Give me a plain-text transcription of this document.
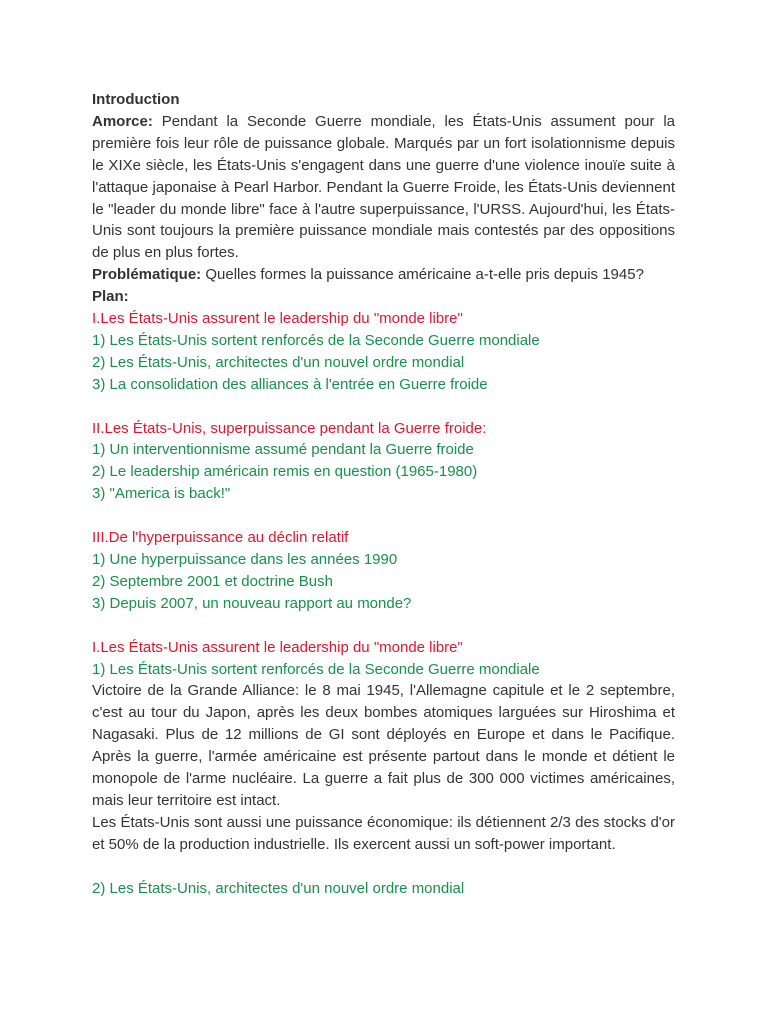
Introduction
Amorce: Pendant la Seconde Guerre mondiale, les États-Unis assument pour la première fois leur rôle de puissance globale. Marqués par un fort isolationnisme depuis le XIXe siècle, les États-Unis s'engagent dans une guerre d'une violence inouïe suite à l'attaque japonaise à Pearl Harbor. Pendant la Guerre Froide, les États-Unis deviennent le "leader du monde libre" face à l'autre superpuissance, l'URSS. Aujourd'hui, les États-Unis sont toujours la première puissance mondiale mais contestés par des oppositions de plus en plus fortes.
Problématique: Quelles formes la puissance américaine a-t-elle pris depuis 1945?
Plan:
I.Les États-Unis assurent le leadership du "monde libre"
1) Les États-Unis sortent renforcés de la Seconde Guerre mondiale
2) Les États-Unis, architectes d'un nouvel ordre mondial
3) La consolidation des alliances à l'entrée en Guerre froide
II.Les États-Unis, superpuissance pendant la Guerre froide:
1) Un interventionnisme assumé pendant la Guerre froide
2) Le leadership américain remis en question (1965-1980)
3) "America is back!"
III.De l'hyperpuissance au déclin relatif
1) Une hyperpuissance dans les années 1990
2) Septembre 2001 et doctrine Bush
3) Depuis 2007, un nouveau rapport au monde?
I.Les États-Unis assurent le leadership du "monde libre"
1) Les États-Unis sortent renforcés de la Seconde Guerre mondiale
Victoire de la Grande Alliance: le 8 mai 1945, l'Allemagne capitule et le 2 septembre, c'est au tour du Japon, après les deux bombes atomiques larguées sur Hiroshima et Nagasaki. Plus de 12 millions de GI sont déployés en Europe et dans le Pacifique. Après la guerre, l'armée américaine est présente partout dans le monde et détient le monopole de l'arme nucléaire. La guerre a fait plus de 300 000 victimes américaines, mais leur territoire est intact.
Les États-Unis sont aussi une puissance économique: ils détiennent 2/3 des stocks d'or et 50% de la production industrielle. Ils exercent aussi un soft-power important.
2) Les États-Unis, architectes d'un nouvel ordre mondial
